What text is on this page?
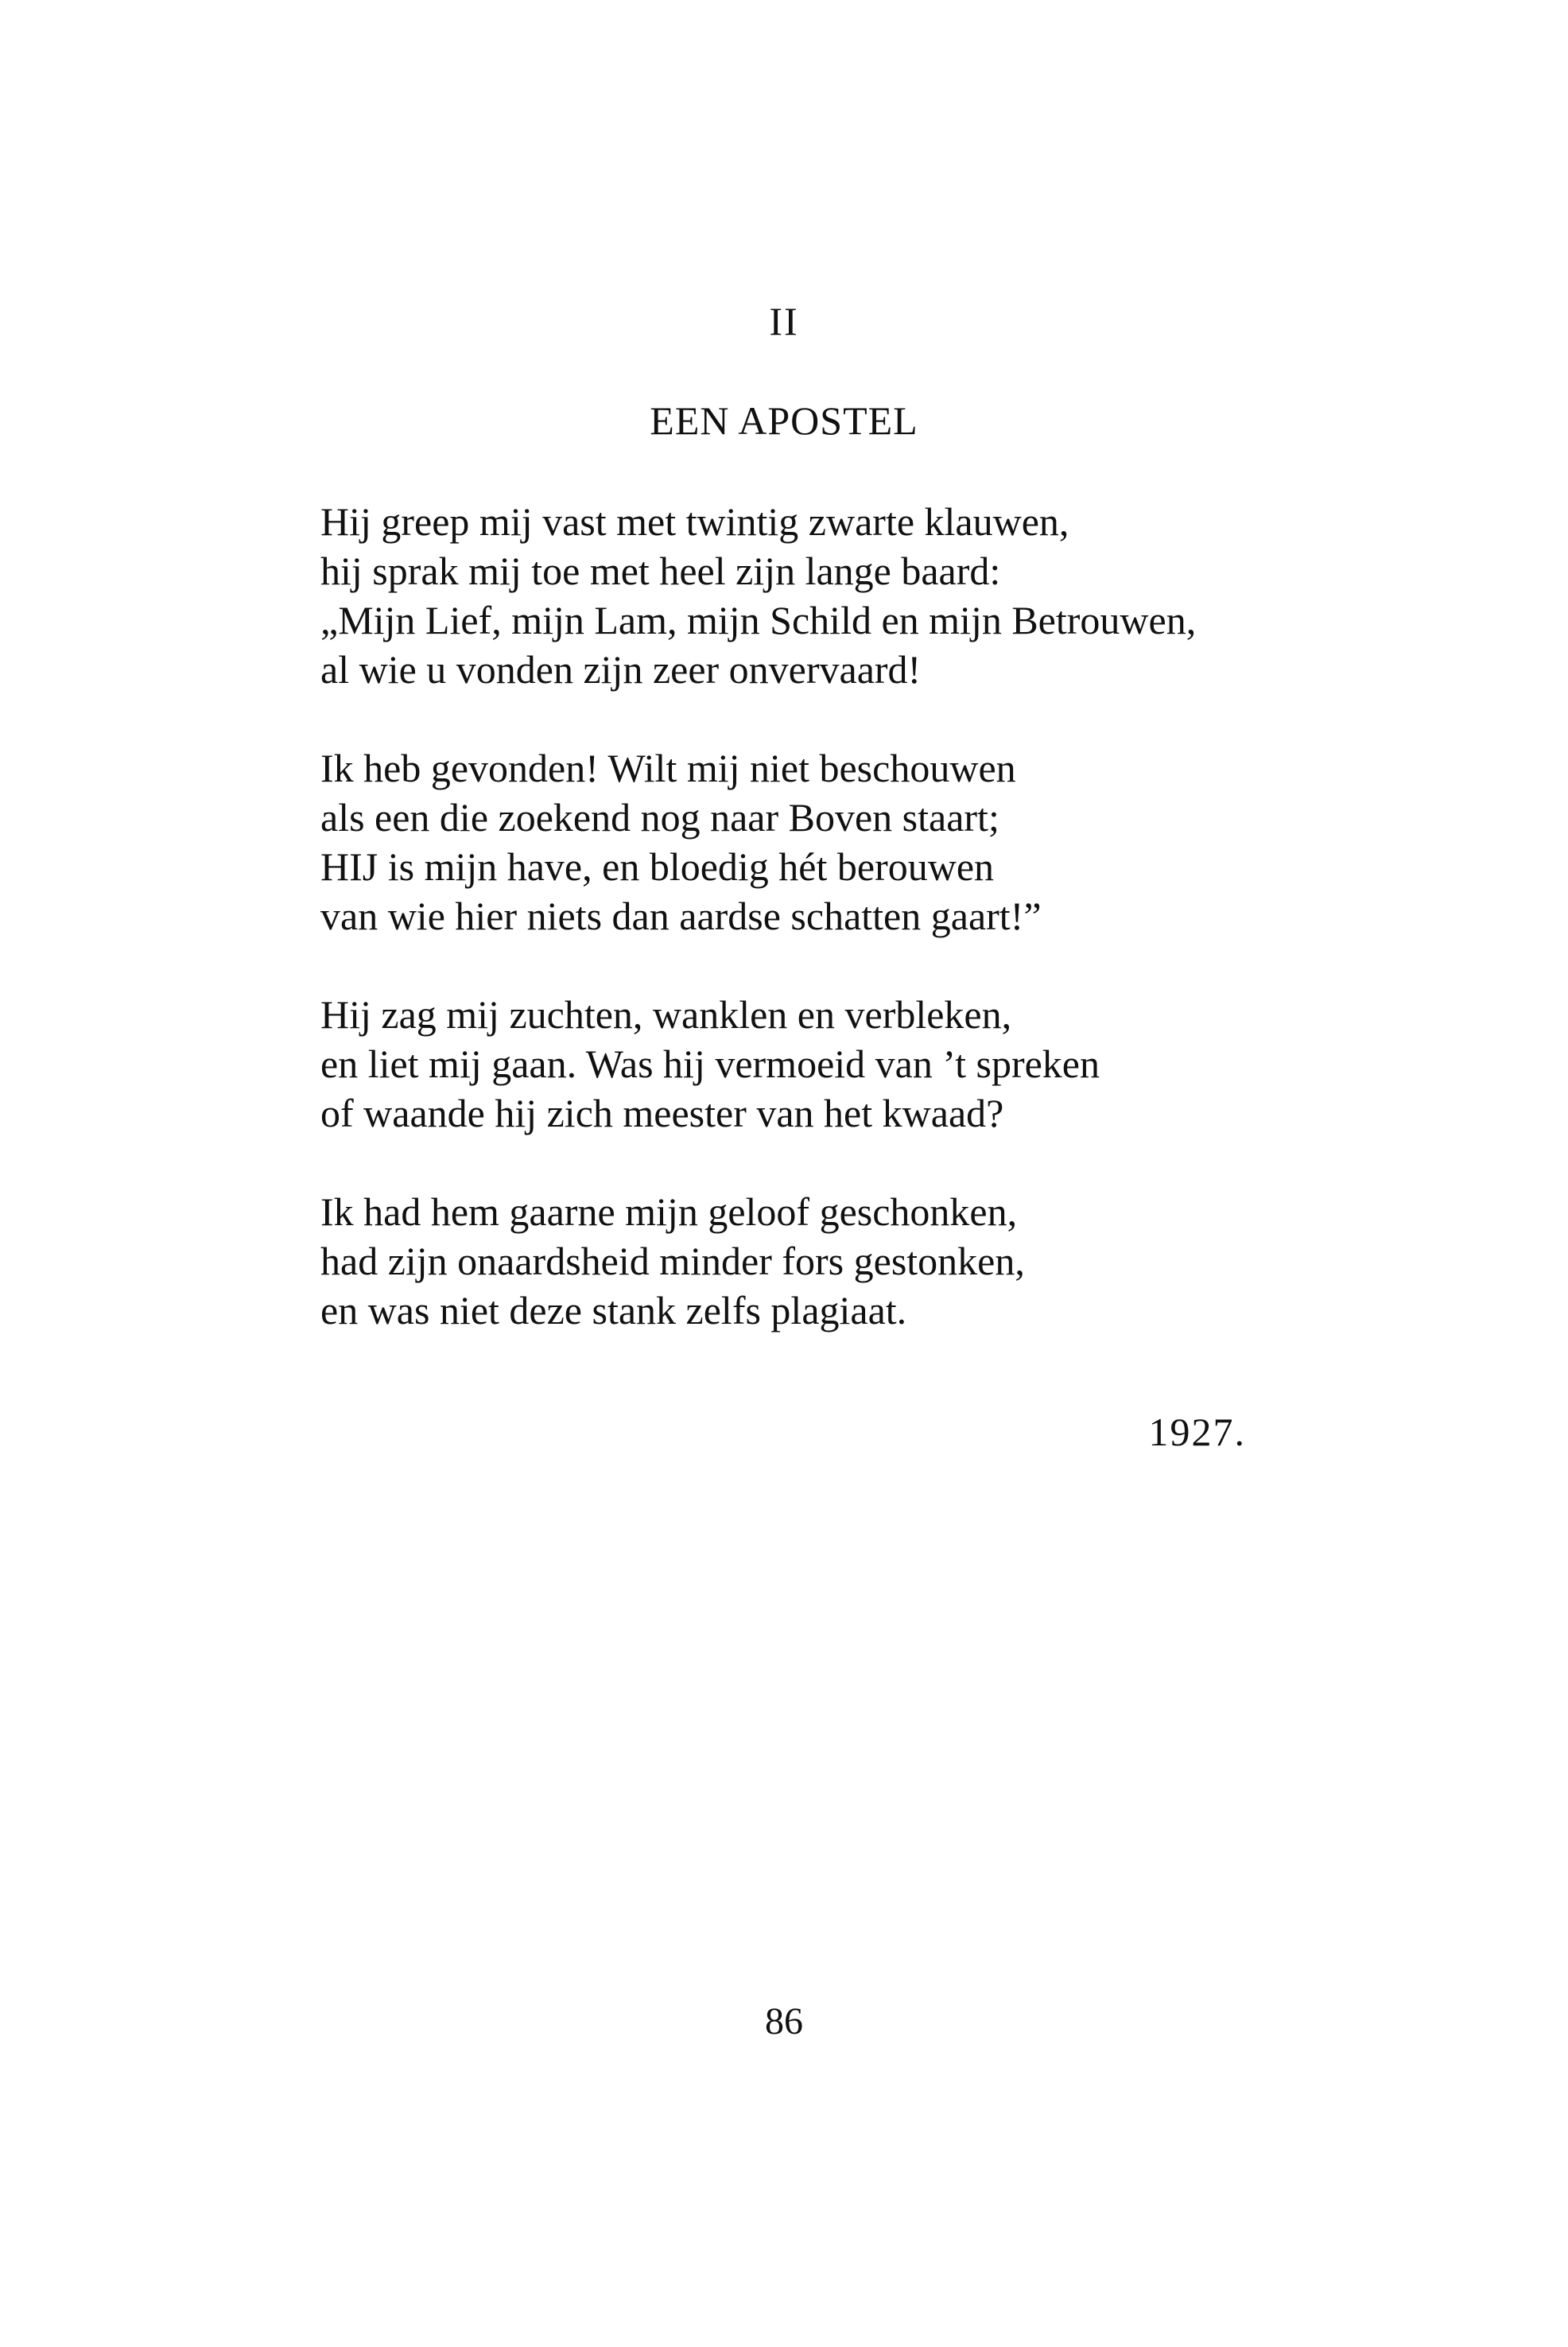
II
EEN APOSTEL
Hij greep mij vast met twintig zwarte klauwen,
hij sprak mij toe met heel zijn lange baard:
„Mijn Lief, mijn Lam, mijn Schild en mijn Betrouwen,
al wie u vonden zijn zeer onvervaard!
Ik heb gevonden! Wilt mij niet beschouwen
als een die zoekend nog naar Boven staart;
HIJ is mijn have, en bloedig hét berouwen
van wie hier niets dan aardse schatten gaart!”
Hij zag mij zuchten, wanklen en verbleken,
en liet mij gaan. Was hij vermoeid van ’t spreken
of waande hij zich meester van het kwaad?
Ik had hem gaarne mijn geloof geschonken,
had zijn onaardsheid minder fors gestonken,
en was niet deze stank zelfs plagiaat.
1927.
86
